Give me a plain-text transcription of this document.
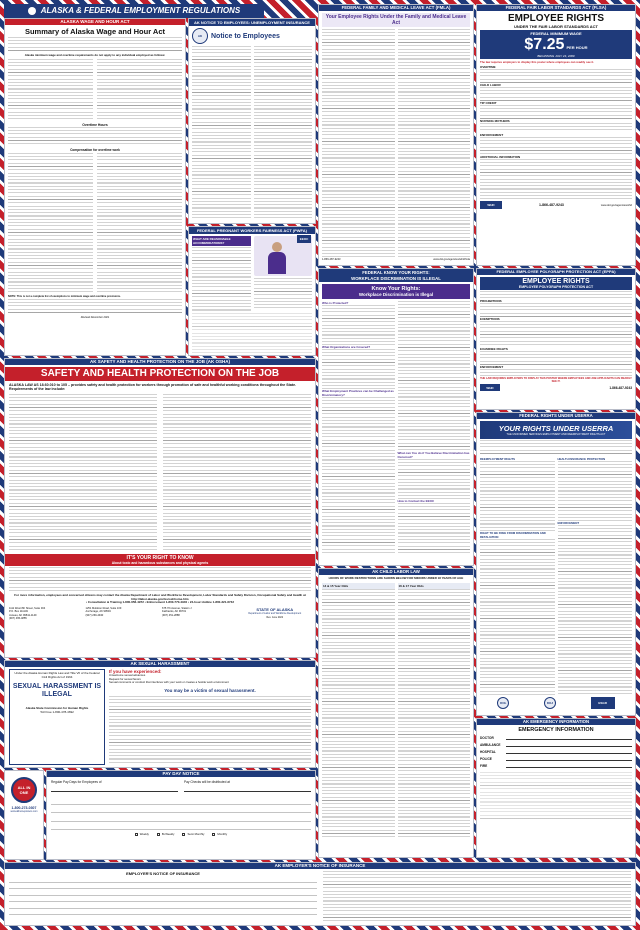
ALASKA & FEDERAL EMPLOYMENT REGULATIONS
ALASKA WAGE AND HOUR ACT
Summary of Alaska Wage and Hour Act
Alaska minimum wage and overtime requirements do not apply to any individual employed as follows:
Overtime Hours
Compensation for overtime work
NOTE: This is not a complete list of exemptions to minimum wage and overtime provisions.
Revised December 2021
AK NOTICE TO EMPLOYEES: UNEMPLOYMENT INSURANCE
AK	Notice to Employees
FEDERAL PREGNANT WORKERS FAIRNESS ACT (PWFA)
WHAT ARE REASONABLE ACCOMMODATIONS?
EEOC
FEDERAL FAMILY AND MEDICAL LEAVE ACT (FMLA)
Your Employee Rights Under the Family and Medical Leave Act
1-866-487-9243	www.dol.gov/agencies/whd/fmla
FEDERAL FAIR LABOR STANDARDS ACT (FLSA)
EMPLOYEE RIGHTS
UNDER THE FAIR LABOR STANDARDS ACT
FEDERAL MINIMUM WAGE
$7.25 PER HOUR
BEGINNING JULY 24, 2009
The law requires employers to display this poster where employees can readily see it.
OVERTIME
CHILD LABOR
TIP CREDIT
NURSING MOTHERS
ENFORCEMENT
ADDITIONAL INFORMATION
WHD	1-866-487-9243	www.dol.gov/agencies/whd
FEDERAL KNOW YOUR RIGHTS:
WORKPLACE DISCRIMINATION IS ILLEGAL
Know Your Rights:
Workplace Discrimination is Illegal
Who is Protected?
What Organizations are Covered?
What Employment Practices can be Challenged as Discriminatory?
What can You do if You Believe Discrimination has Occurred?
How to Contact the EEOC
FEDERAL EMPLOYEE POLYGRAPH PROTECTION ACT (EPPA)
EMPLOYEE RIGHTS
EMPLOYEE POLYGRAPH PROTECTION ACT
PROHIBITIONS
EXEMPTIONS
EXAMINEE RIGHTS
ENFORCEMENT
THE LAW REQUIRES EMPLOYERS TO DISPLAY THIS POSTER WHERE EMPLOYEES AND JOB APPLICANTS CAN READILY SEE IT.
WHD	1-866-487-9243
FEDERAL RIGHTS UNDER USERRA
YOUR RIGHTS UNDER USERRA
THE UNIFORMED SERVICES EMPLOYMENT AND REEMPLOYMENT RIGHTS ACT
REEMPLOYMENT RIGHTS
RIGHT TO BE FREE FROM DISCRIMINATION AND RETALIATION
HEALTH INSURANCE PROTECTION
ENFORCEMENT
DOL	DOJ	ESGR
AK SAFETY AND HEALTH PROTECTION ON THE JOB (AK OSHA)
SAFETY AND HEALTH PROTECTION ON THE JOB
ALASKA LAW AS 18.60.010 to 105 – provides safety and health protection for workers through promotion of safe and healthful working conditions throughout the State. Requirements of the law include:
IT'S YOUR RIGHT TO KNOW
About toxic and hazardous substances and physical agents
For more information, employees and concerned citizens may contact the Alaska Department of Labor and Workforce Development, Labor Standards and Safety Division, Occupational Safety and Health at http://labor.alaska.gov/lss/oshhome.htm
• Consultation & Training 1-800-656-4972 • Enforcement 1-800-770-4940 • 24-hour Hotline 1-800-321-6742
1111 West 8th Street, Suite 304
P.O. Box 111149
Juneau, AK 99811-1149
(907) 465-4855
1251 Muldoon Road, Suite 109
Anchorage, AK 99504
(907) 269-4940
675 7th Avenue, Station J
Fairbanks, AK 99701
(907) 451-2888
STATE OF ALASKA
Department of Labor and Workforce Development
Rev. June 2022
AK SEXUAL HARASSMENT
Under the Alaska Human Rights Law and Title VII of the Federal Civil Rights Act of 1964
SEXUAL HARASSMENT IS ILLEGAL
Alaska State Commission for Human Rights
Toll Free 1-800-478-4692
If you have experienced:
Unwelcome sexual advances
Request for sexual favors
Sexual comments or conduct that interferes with your work or creates a hostile work environment
You may be a victim of sexual harassment.
ALL IN ONE
1-800-273-0307
www.allinoneposters.com
PAY DAY NOTICE
Regular Pay Days for Employees of	Pay Checks will be distributed at
Weekly	Bi-Weekly	Semi Monthly	Monthly
AK CHILD LABOR LAW
HOURS OF WORK RESTRICTIONS ARE SHOWN BELOW FOR MINORS UNDER 18 YEARS OF AGE
14 & 15 Year Olds	16 & 17 Year Olds
AK EMERGENCY INFORMATION
EMERGENCY INFORMATION
DOCTOR
AMBULANCE
HOSPITAL
POLICE
FIRE
AK EMPLOYER'S NOTICE OF INSURANCE
EMPLOYER'S NOTICE OF INSURANCE
